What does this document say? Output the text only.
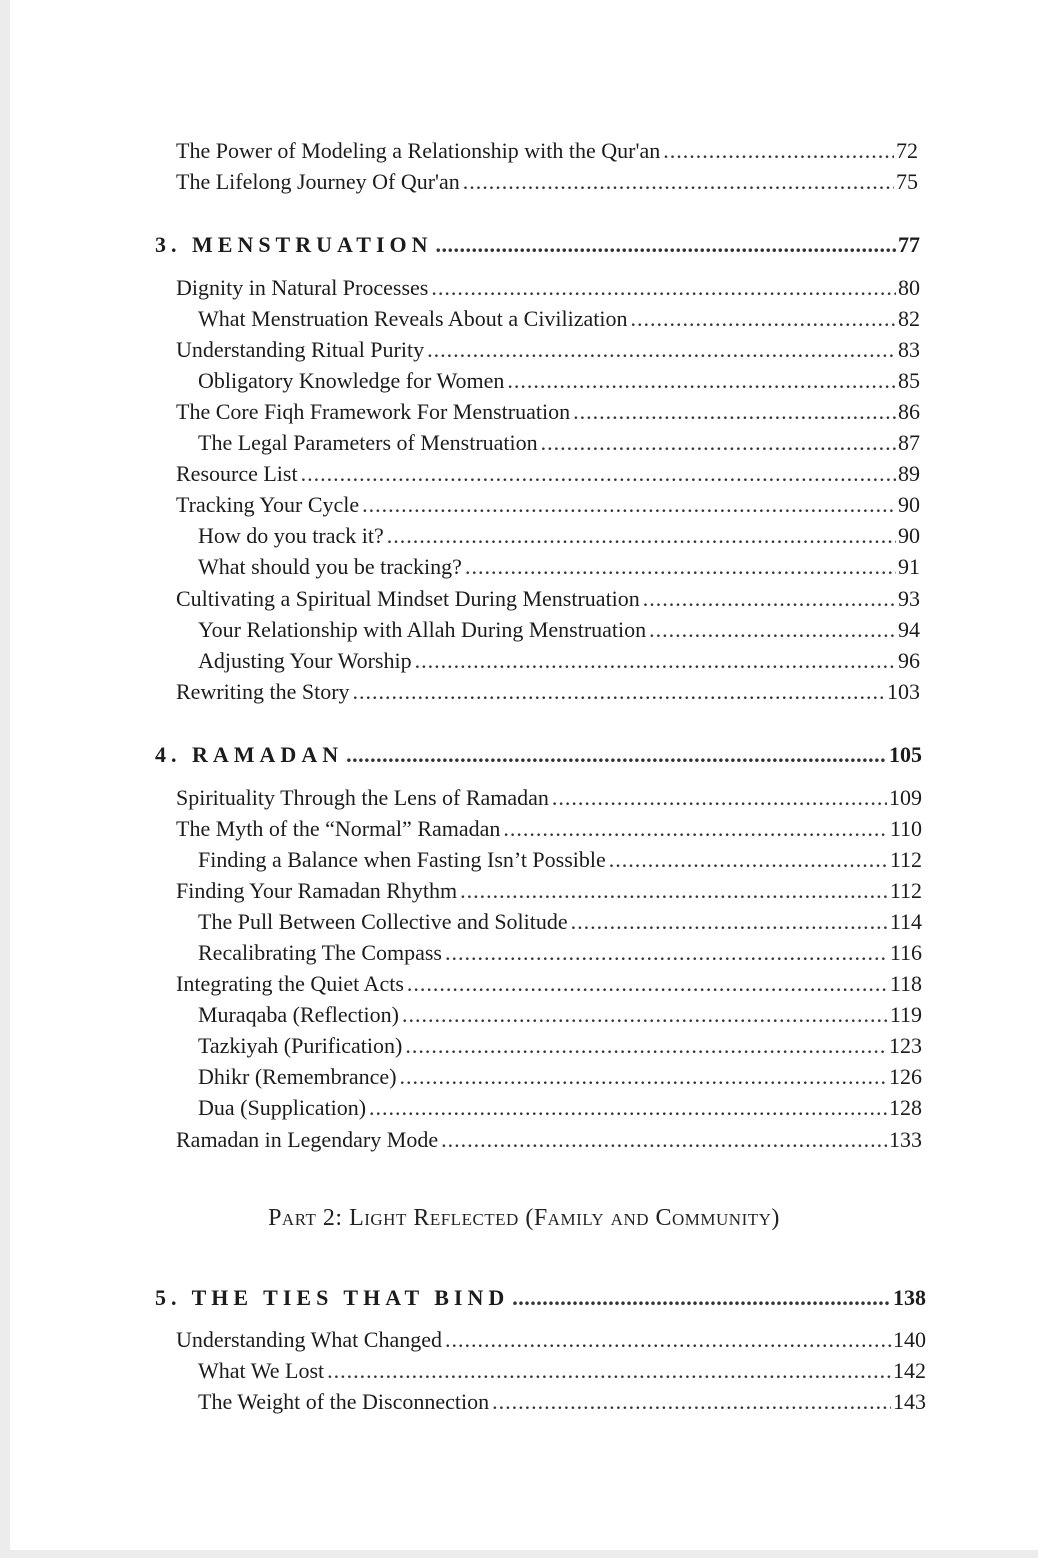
The Power of Modeling a Relationship with the Qur'an .....	72
The Lifelong Journey Of Qur'an .....	75
3. MENSTRUATION .....	77
Dignity in Natural Processes .....	80
What Menstruation Reveals About a Civilization .....	82
Understanding Ritual Purity .....	83
Obligatory Knowledge for Women .....	85
The Core Fiqh Framework For Menstruation .....	86
The Legal Parameters of Menstruation .....	87
Resource List .....	89
Tracking Your Cycle .....	90
How do you track it? .....	90
What should you be tracking? .....	91
Cultivating a Spiritual Mindset During Menstruation .....	93
Your Relationship with Allah During Menstruation .....	94
Adjusting Your Worship .....	96
Rewriting the Story .....	103
4. RAMADAN .....	105
Spirituality Through the Lens of Ramadan .....	109
The Myth of the “Normal” Ramadan .....	110
Finding a Balance when Fasting Isn’t Possible .....	112
Finding Your Ramadan Rhythm .....	112
The Pull Between Collective and Solitude .....	114
Recalibrating The Compass .....	116
Integrating the Quiet Acts .....	118
Muraqaba (Reflection) .....	119
Tazkiyah (Purification) .....	123
Dhikr (Remembrance) .....	126
Dua (Supplication) .....	128
Ramadan in Legendary Mode .....	133
5. THE TIES THAT BIND .....	138
Understanding What Changed .....	140
What We Lost .....	142
The Weight of the Disconnection .....	143
Part 2: Light Reflected (Family and Community)
